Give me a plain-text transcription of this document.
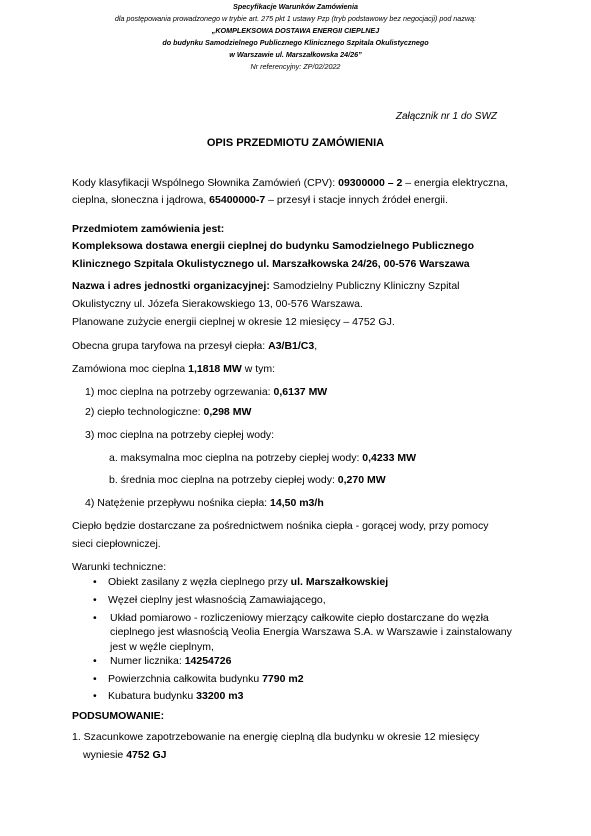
Specyfikacje Warunków Zamówienia
dla postępowania prowadzonego w trybie art. 275 pkt 1 ustawy Pzp (tryb podstawowy bez negocjacji) pod nazwą:
„KOMPLEKSOWA DOSTAWA ENERGII CIEPLNEJ
do budynku Samodzielnego Publicznego Klinicznego Szpitala Okulistycznego
w Warszawie ul. Marszałkowska 24/26”
Nr referencyjny: ZP/02/2022
Załącznik nr 1 do SWZ
OPIS PRZEDMIOTU ZAMÓWIENIA
Kody klasyfikacji Wspólnego Słownika Zamówień (CPV): 09300000 – 2 – energia elektryczna, cieplna, słoneczna i jądrowa, 65400000-7 – przesył i stacje innych źródeł energii.
Przedmiotem zamówienia jest:
Kompleksowa dostawa energii cieplnej do budynku Samodzielnego Publicznego Klinicznego Szpitala Okulistycznego ul. Marszałkowska 24/26, 00-576 Warszawa
Nazwa i adres jednostki organizacyjnej: Samodzielny Publiczny Kliniczny Szpital Okulistyczny ul. Józefa Sierakowskiego 13, 00-576 Warszawa.
Planowane zużycie energii cieplnej w okresie 12 miesięcy – 4752 GJ.
Obecna grupa taryfowa na przesył ciepła: A3/B1/C3,
Zamówiona moc cieplna 1,1818 MW w tym:
1) moc cieplna na potrzeby ogrzewania: 0,6137 MW
2) ciepło technologiczne: 0,298 MW
3) moc cieplna na potrzeby ciepłej wody:
a. maksymalna moc cieplna na potrzeby ciepłej wody: 0,4233 MW
b. średnia moc cieplna na potrzeby ciepłej wody: 0,270 MW
4) Natężenie przepływu nośnika ciepła: 14,50 m3/h
Ciepło będzie dostarczane za pośrednictwem nośnika ciepła - gorącej wody, przy pomocy sieci ciepłowniczej.
Warunki techniczne:
• Obiekt zasilany z węzła cieplnego przy ul. Marszałkowskiej
• Węzeł cieplny jest własnością Zamawiającego,
• Układ pomiarowo - rozliczeniowy mierzący całkowite ciepło dostarczane do węzła cieplnego jest własnością Veolia Energia Warszawa S.A. w Warszawie i zainstalowany jest w węźle cieplnym,
• Numer licznika: 14254726
• Powierzchnia całkowita budynku 7790 m2
• Kubatura budynku 33200 m3
PODSUMOWANIE:
1. Szacunkowe zapotrzebowanie na energię cieplną dla budynku w okresie 12 miesięcy wyniesie 4752 GJ
